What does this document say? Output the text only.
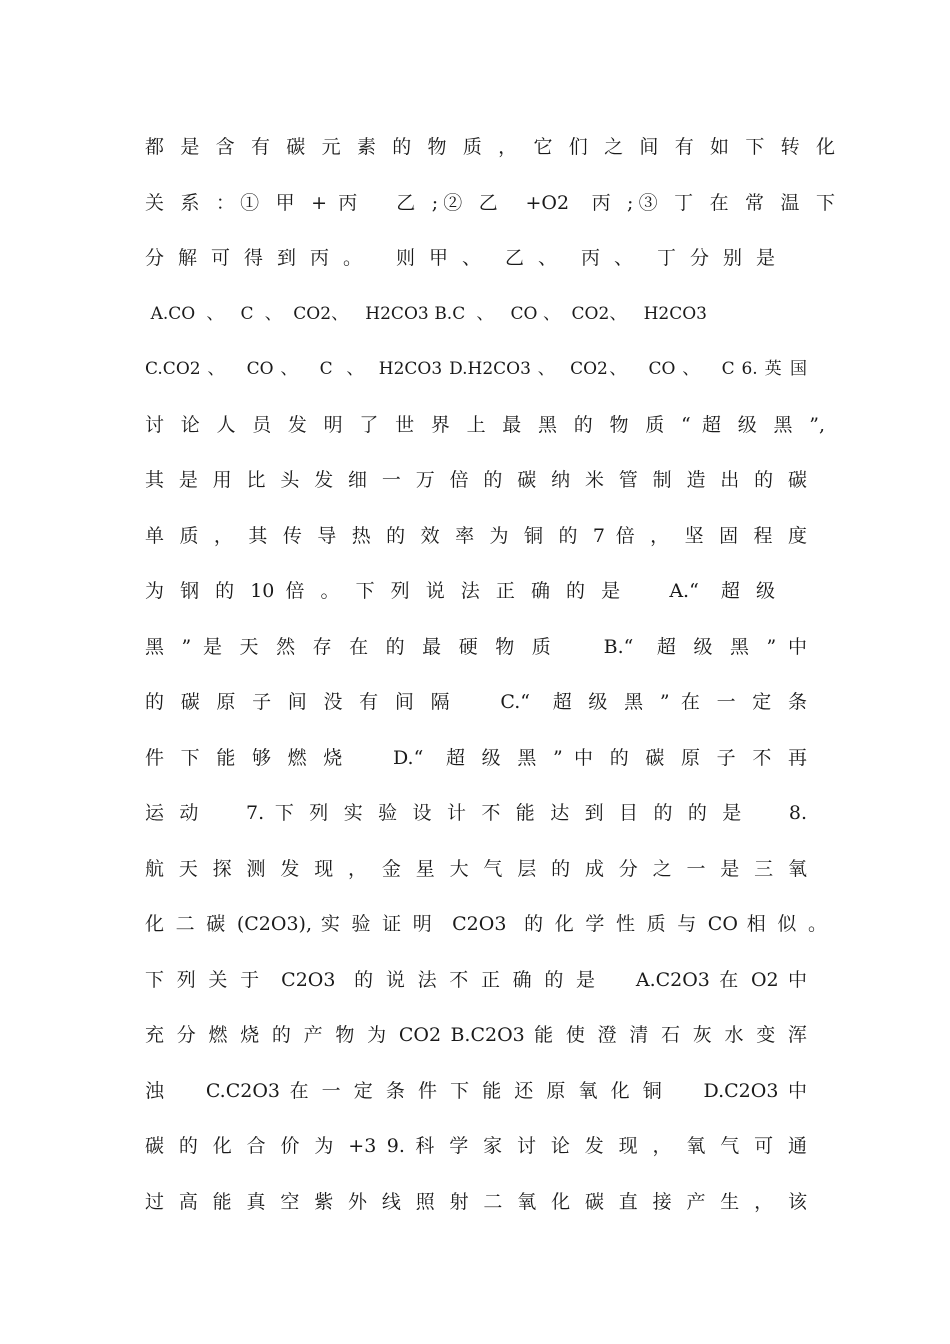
都 是 含 有 碳 元 素 的 物 质 ， 它 们 之 间 有 如 下 转 化
关 系 ：① 甲 + 丙   乙 ;② 乙  +O2  丙 ;③ 丁 在 常 温 下
分 解 可 得 到 丙 。   则 甲 、  乙 、  丙 、  丁 分 别 是
A.CO  、   C  、  CO2、   H2CO3 B.C  、   CO 、  CO2、   H2CO3
C.CO2 、   CO 、   C  、  H2CO3 D.H2CO3 、  CO2、   CO 、   C 6. 英 国
讨 论 人 员 发 明 了 世 界 上 最 黑 的 物 质 “ 超 级 黑 ”,
其 是 用 比 头 发 细 一 万 倍 的 碳 纳 米 管 制 造 出 的 碳
单 质 ， 其 传 导 热 的 效 率 为 铜 的 7 倍 ， 坚 固 程 度
为 钢 的 10 倍 。 下 列 说 法 正 确 的 是    A.“  超 级
黑 ” 是 天 然 存 在 的 最 硬 物 质    B.“  超 级 黑 ” 中
的 碳 原 子 间 没 有 间 隔    C.“  超 级 黑 ” 在 一 定 条
件 下 能 够 燃 烧    D.“  超 级 黑 ” 中 的 碳 原 子 不 再
运 动    7. 下 列 实 验 设 计 不 能 达 到 目 的 的 是    8.
航 天 探 测 发 现 ， 金 星 大 气 层 的 成 分 之 一 是 三 氧
化 二 碳 (C2O3), 实 验 证 明  C2O3  的 化 学 性 质 与 CO 相 似 。
下 列 关 于  C2O3  的 说 法 不 正 确 的 是    A.C2O3 在 O2 中
充 分 燃 烧 的 产 物 为 CO2 B.C2O3 能 使 澄 清 石 灰 水 变 浑
浊    C.C2O3 在 一 定 条 件 下 能 还 原 氧 化 铜    D.C2O3 中
碳 的 化 合 价 为 +3 9. 科 学 家 讨 论 发 现 ， 氧 气 可 通
过 高 能 真 空 紫 外 线 照 射 二 氧 化 碳 直 接 产 生 ， 该
